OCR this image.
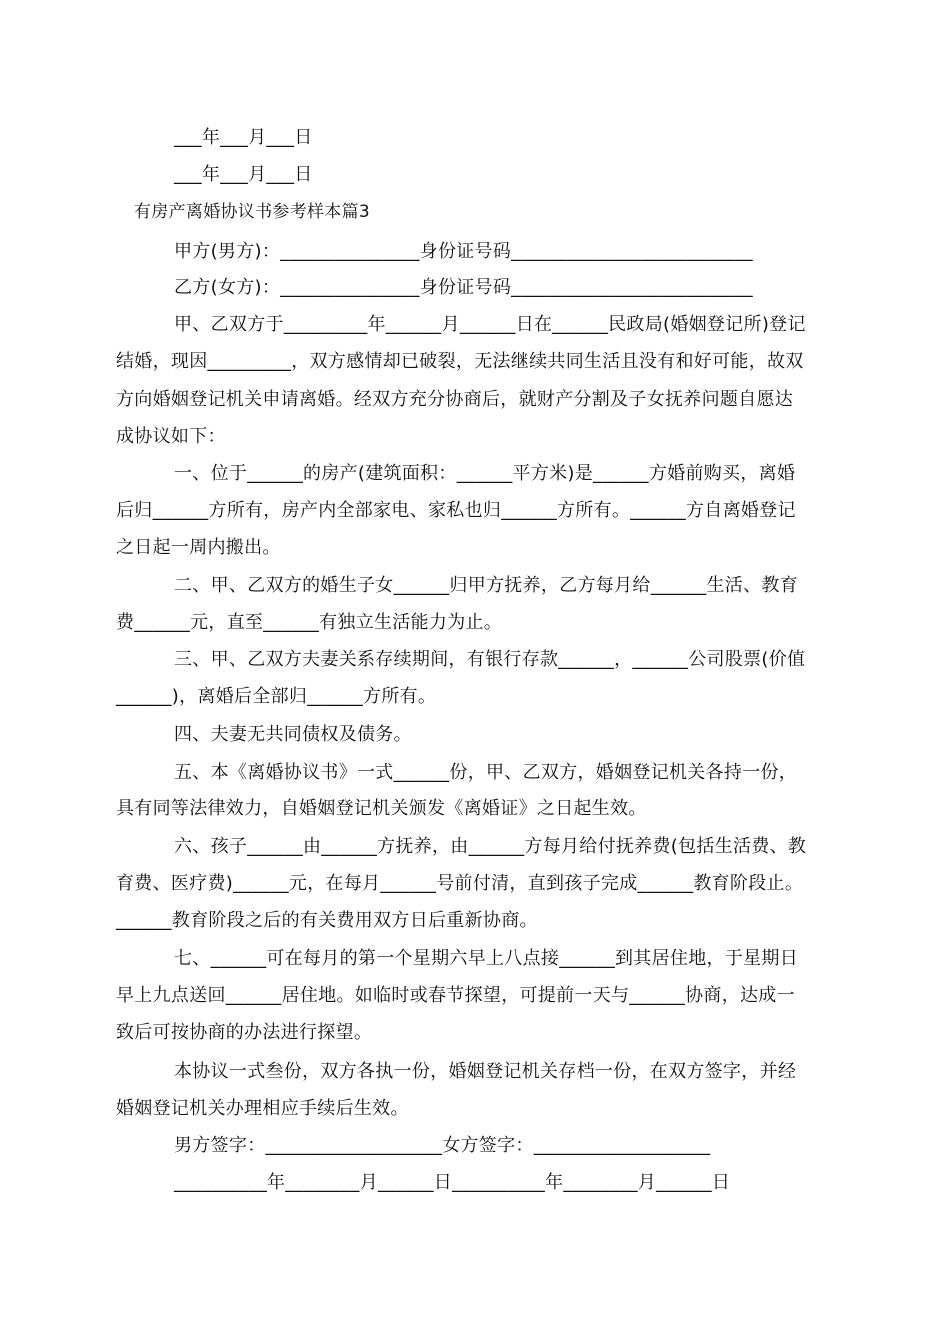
___年___月___日
___年___月___日
有房产离婚协议书参考样本篇3
甲方(男方)：_______________身份证号码__________________________
乙方(女方)：_______________身份证号码__________________________
甲、乙双方于_________年______月______日在______民政局(婚姻登记所)登记
结婚，现因_________，双方感情却已破裂，无法继续共同生活且没有和好可能，故双
方向婚姻登记机关申请离婚。经双方充分协商后，就财产分割及子女抚养问题自愿达
成协议如下：
一、位于______的房产(建筑面积：______平方米)是______方婚前购买，离婚
后归______方所有，房产内全部家电、家私也归______方所有。______方自离婚登记
之日起一周内搬出。
二、甲、乙双方的婚生子女______归甲方抚养，乙方每月给______生活、教育
费______元，直至______有独立生活能力为止。
三、甲、乙双方夫妻关系存续期间，有银行存款______，______公司股票(价值
______)，离婚后全部归______方所有。
四、夫妻无共同债权及债务。
五、本《离婚协议书》一式______份，甲、乙双方，婚姻登记机关各持一份，
具有同等法律效力，自婚姻登记机关颁发《离婚证》之日起生效。
六、孩子______由______方抚养，由______方每月给付抚养费(包括生活费、教
育费、医疗费)______元，在每月______号前付清，直到孩子完成______教育阶段止。
______教育阶段之后的有关费用双方日后重新协商。
七、______可在每月的第一个星期六早上八点接______到其居住地，于星期日
早上九点送回______居住地。如临时或春节探望，可提前一天与______协商，达成一
致后可按协商的办法进行探望。
本协议一式叁份，双方各执一份，婚姻登记机关存档一份，在双方签字，并经
婚姻登记机关办理相应手续后生效。
男方签字：___________________女方签字：___________________
__________年________月______日__________年________月______日
